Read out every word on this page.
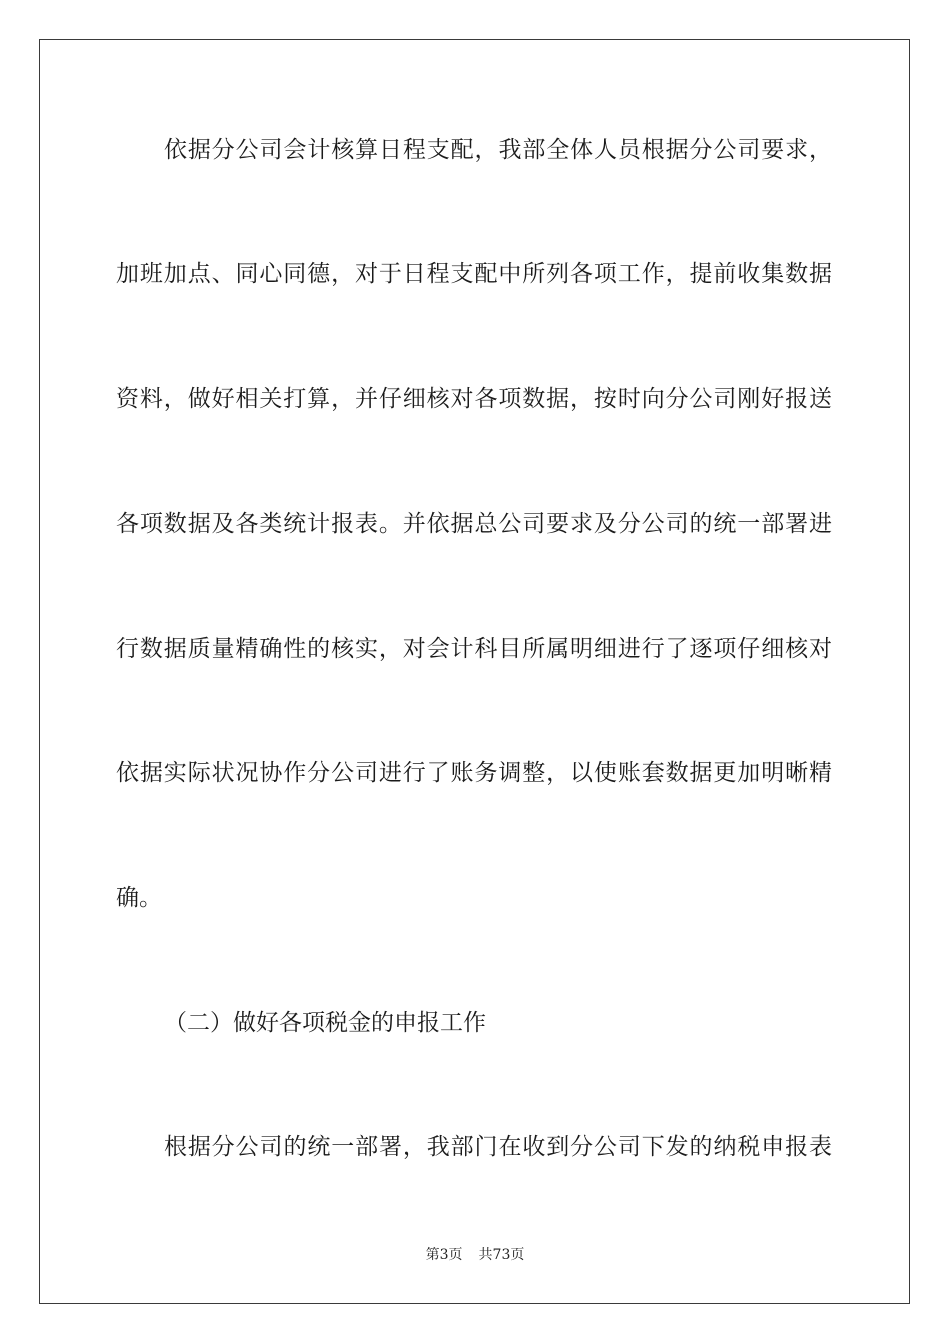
依据分公司会计核算日程支配，我部全体人员根据分公司要求，
加班加点、同心同德，对于日程支配中所列各项工作，提前收集数据
资料，做好相关打算，并仔细核对各项数据，按时向分公司刚好报送
各项数据及各类统计报表。并依据总公司要求及分公司的统一部署进
行数据质量精确性的核实，对会计科目所属明细进行了逐项仔细核对
依据实际状况协作分公司进行了账务调整，以使账套数据更加明晰精
确。
（二）做好各项税金的申报工作
根据分公司的统一部署，我部门在收到分公司下发的纳税申报表
第3页 共73页
